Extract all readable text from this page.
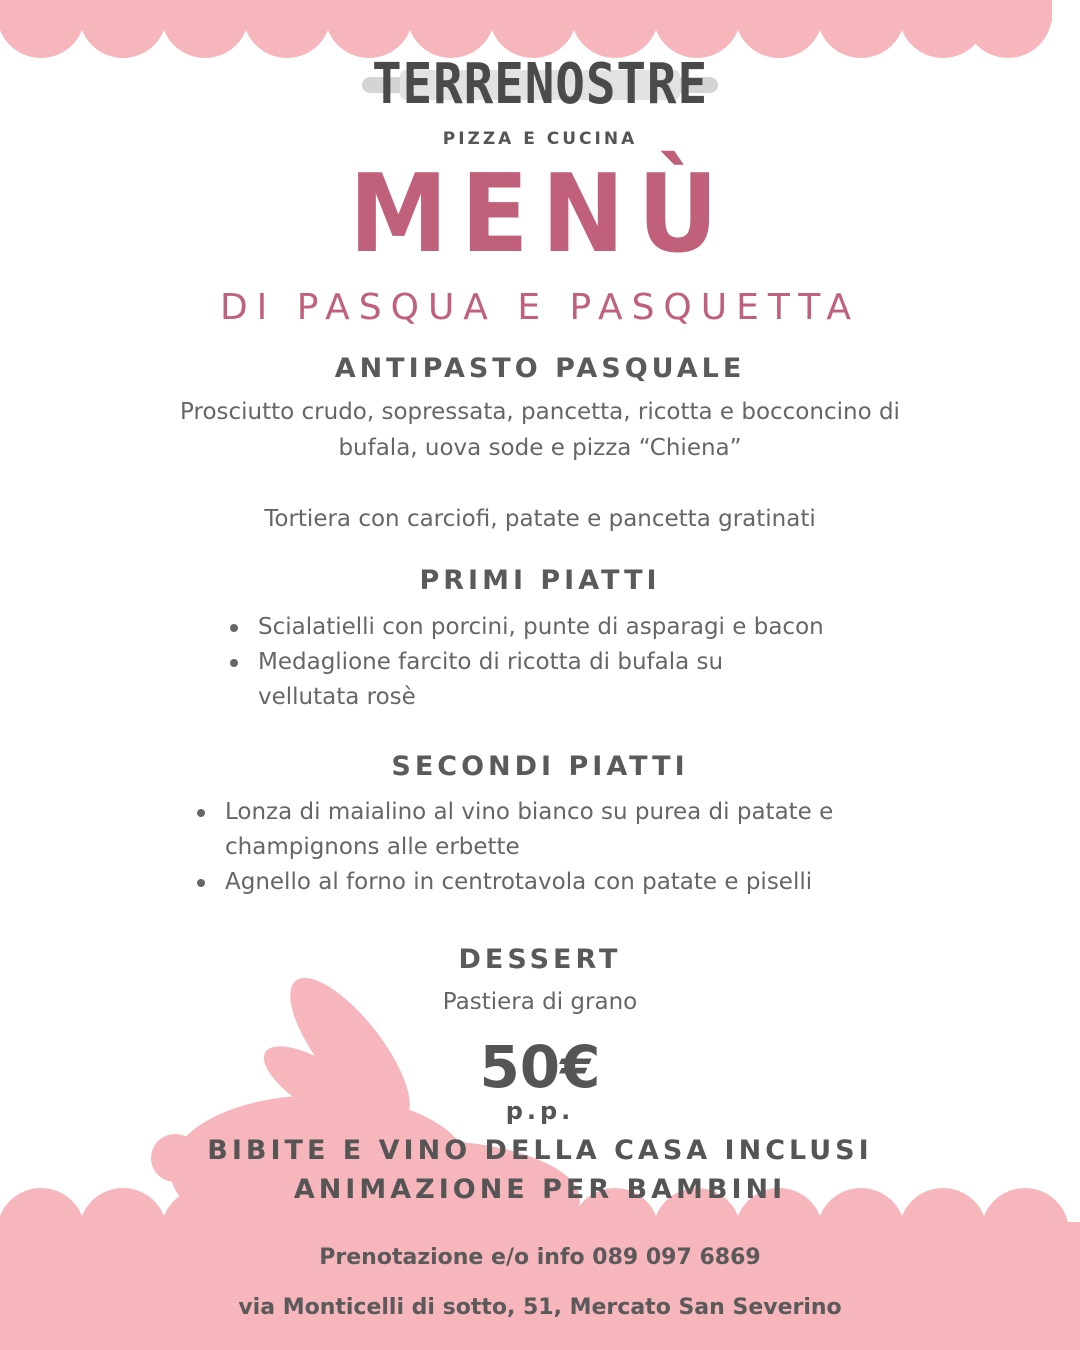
TERRENOSTRE
PIZZA E CUCINA
MENÙ
DI PASQUA E PASQUETTA
ANTIPASTO PASQUALE
Prosciutto crudo, sopressata, pancetta, ricotta e bocconcino di
bufala, uova sode e pizza “Chiena”
Tortiera con carciofi, patate e pancetta gratinati
PRIMI PIATTI
Scialatielli con porcini, punte di asparagi e bacon
Medaglione farcito di ricotta di bufala su vellutata rosè
SECONDI PIATTI
Lonza di maialino al vino bianco su purea di patate e champignons alle erbette
Agnello al forno in centrotavola con patate e piselli
DESSERT
Pastiera di grano
50€
p.p.
BIBITE E VINO DELLA CASA INCLUSI
ANIMAZIONE PER BAMBINI
Prenotazione e/o info 089 097 6869
via Monticelli di sotto, 51, Mercato San Severino
